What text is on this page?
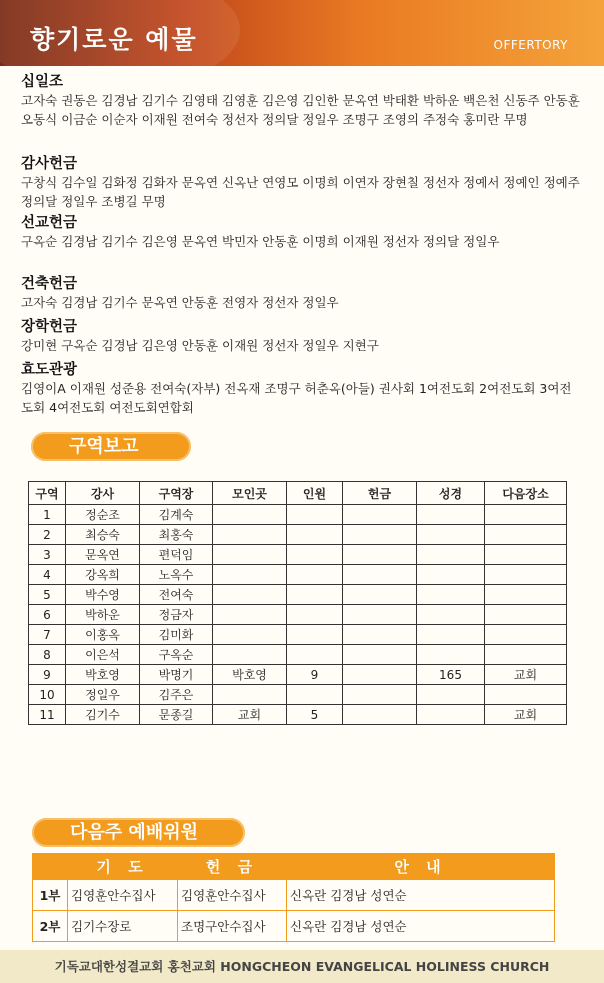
향기로운 예물	OFFERTORY
십일조

고자숙 권동은 김경남 김기수 김영태 김영훈 김은영 김인한 문옥연 박태환 박하운 백은천 신동주 안동훈 오동식 이금순 이순자 이재원 전여숙 정선자 정의달 정일우 조명구 조영의 주정숙 홍미란 무명

감사헌금

구창식 김수일 김화정 김화자 문옥연 신옥난 연영모 이명희 이연자 장현칠 정선자 정예서 정예인 정예주 정의달 정일우 조병길 무명

선교헌금

구옥순 김경남 김기수 김은영 문옥연 박민자 안동훈 이명희 이재원 정선자 정의달 정일우

건축헌금

고자숙 김경남 김기수 문옥연 안동훈 전영자 정선자 정일우

장학헌금

강미현 구옥순 김경남 김은영 안동훈 이재원 정선자 정일우 지현구

효도관광

김영이A 이재원 성준용 전여숙(자부) 전옥재 조명구 허춘옥(아들) 권사회 1여전도회 2여전도회 3여전도회 4여전도회 여전도회연합회

구역보고
구역	강사	구역장	모인곳	인원	헌금	성경	다음장소
1	정순조	김계숙					
2	최승숙	최홍숙					
3	문옥연	편덕임					
4	강옥희	노옥수					
5	박수영	전여숙					
6	박하운	정금자					
7	이홍옥	김미화					
8	이은석	구옥순					
9	박호영	박명기	박호영	9		165	교회
10	정일우	김주은					
11	김기수	문종길	교회	5			교회
다음주 예배위원
	기 도	헌 금	안 내
1부	김영훈안수집사	김영훈안수집사	신옥란 김경남 성연순
2부	김기수장로	조명구안수집사	신옥란 김경남 성연순
기독교대한성결교회 홍천교회 HONGCHEON EVANGELICAL HOLINESS CHURCH
